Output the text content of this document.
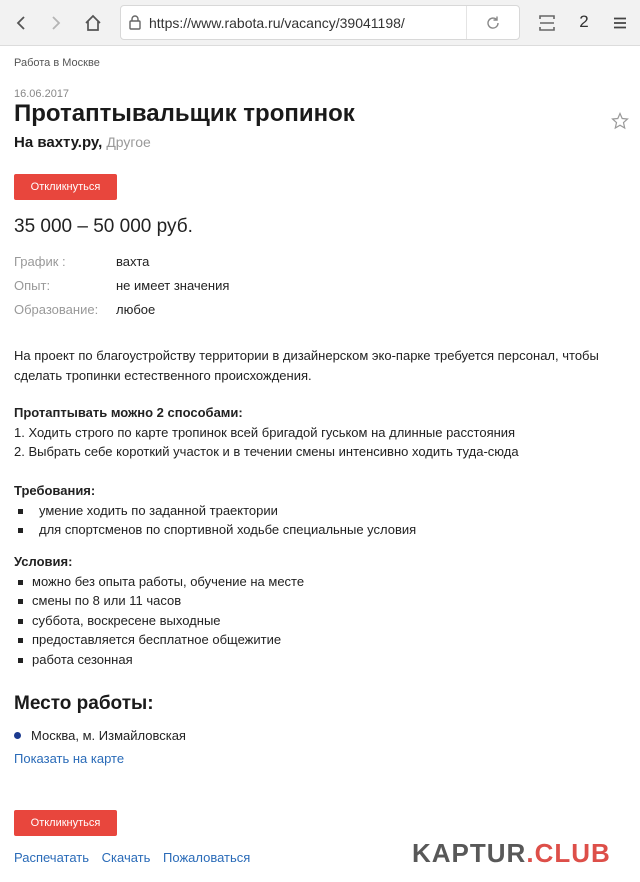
https://www.rabota.ru/vacancy/39041198/	2
Работа в Москве
16.06.2017
Протаптывальщик тропинок
На вахту.ру, Другое
Откликнуться
35 000 – 50 000 руб.
График :	вахта
Опыт:	не имеет значения
Образование: любое

На проект по благоустройству территории в дизайнерском эко-парке требуется персонал, чтобы сделать тропинки естественного происхождения.

Протаптывать можно 2 способами:
1. Ходить строго по карте тропинок всей бригадой гуськом на длинные расстояния
2. Выбрать себе короткий участок и в течении смены интенсивно ходить туда-сюда
Требования:
умение ходить по заданной траектории
для спортсменов по спортивной ходьбе специальные условия
Условия:
можно без опыта работы, обучение на месте
смены по 8 или 11 часов
суббота, воскресене выходные
предоставляется бесплатное общежитие
работа сезонная
Место работы:
Москва, м. Измайловская
Показать на карте
Откликнуться
Распечатать Скачать Пожаловаться	KAPTUR.CLUB
